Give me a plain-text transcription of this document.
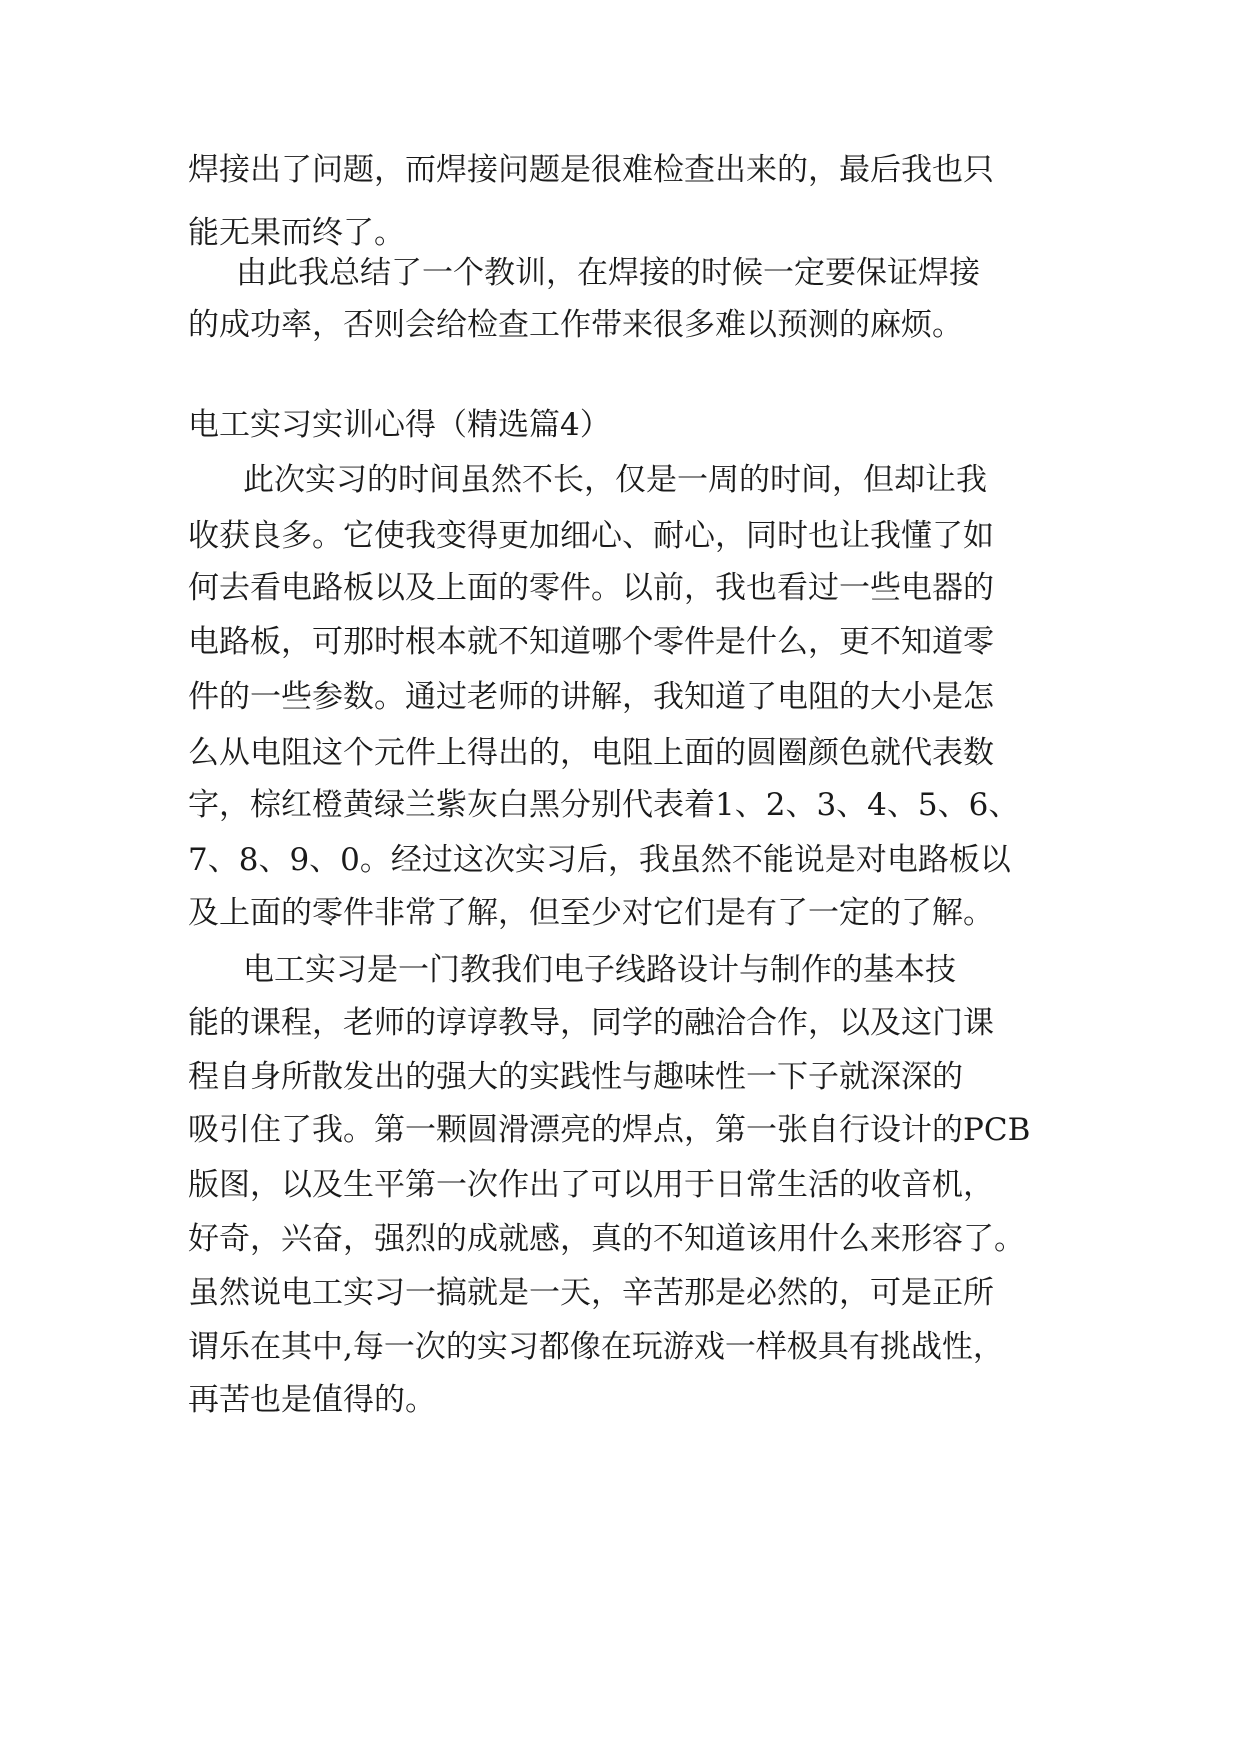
焊接出了问题，而焊接问题是很难检查出来的，最后我也只
能无果而终了。
由此我总结了一个教训，在焊接的时候一定要保证焊接
的成功率，否则会给检查工作带来很多难以预测的麻烦。
电工实习实训心得（精选篇4）
此次实习的时间虽然不长，仅是一周的时间，但却让我
收获良多。它使我变得更加细心、耐心，同时也让我懂了如
何去看电路板以及上面的零件。以前，我也看过一些电器的
电路板，可那时根本就不知道哪个零件是什么，更不知道零
件的一些参数。通过老师的讲解，我知道了电阻的大小是怎
么从电阻这个元件上得出的，电阻上面的圆圈颜色就代表数
字，棕红橙黄绿兰紫灰白黑分别代表着1、2、3、4、5、6、
7、8、9、0。经过这次实习后，我虽然不能说是对电路板以
及上面的零件非常了解，但至少对它们是有了一定的了解。
电工实习是一门教我们电子线路设计与制作的基本技
能的课程，老师的谆谆教导，同学的融洽合作，以及这门课
程自身所散发出的强大的实践性与趣味性一下子就深深的
吸引住了我。第一颗圆滑漂亮的焊点，第一张自行设计的PCB
版图，以及生平第一次作出了可以用于日常生活的收音机，
好奇，兴奋，强烈的成就感，真的不知道该用什么来形容了。
虽然说电工实习一搞就是一天，辛苦那是必然的，可是正所
谓乐在其中,每一次的实习都像在玩游戏一样极具有挑战性，
再苦也是值得的。
